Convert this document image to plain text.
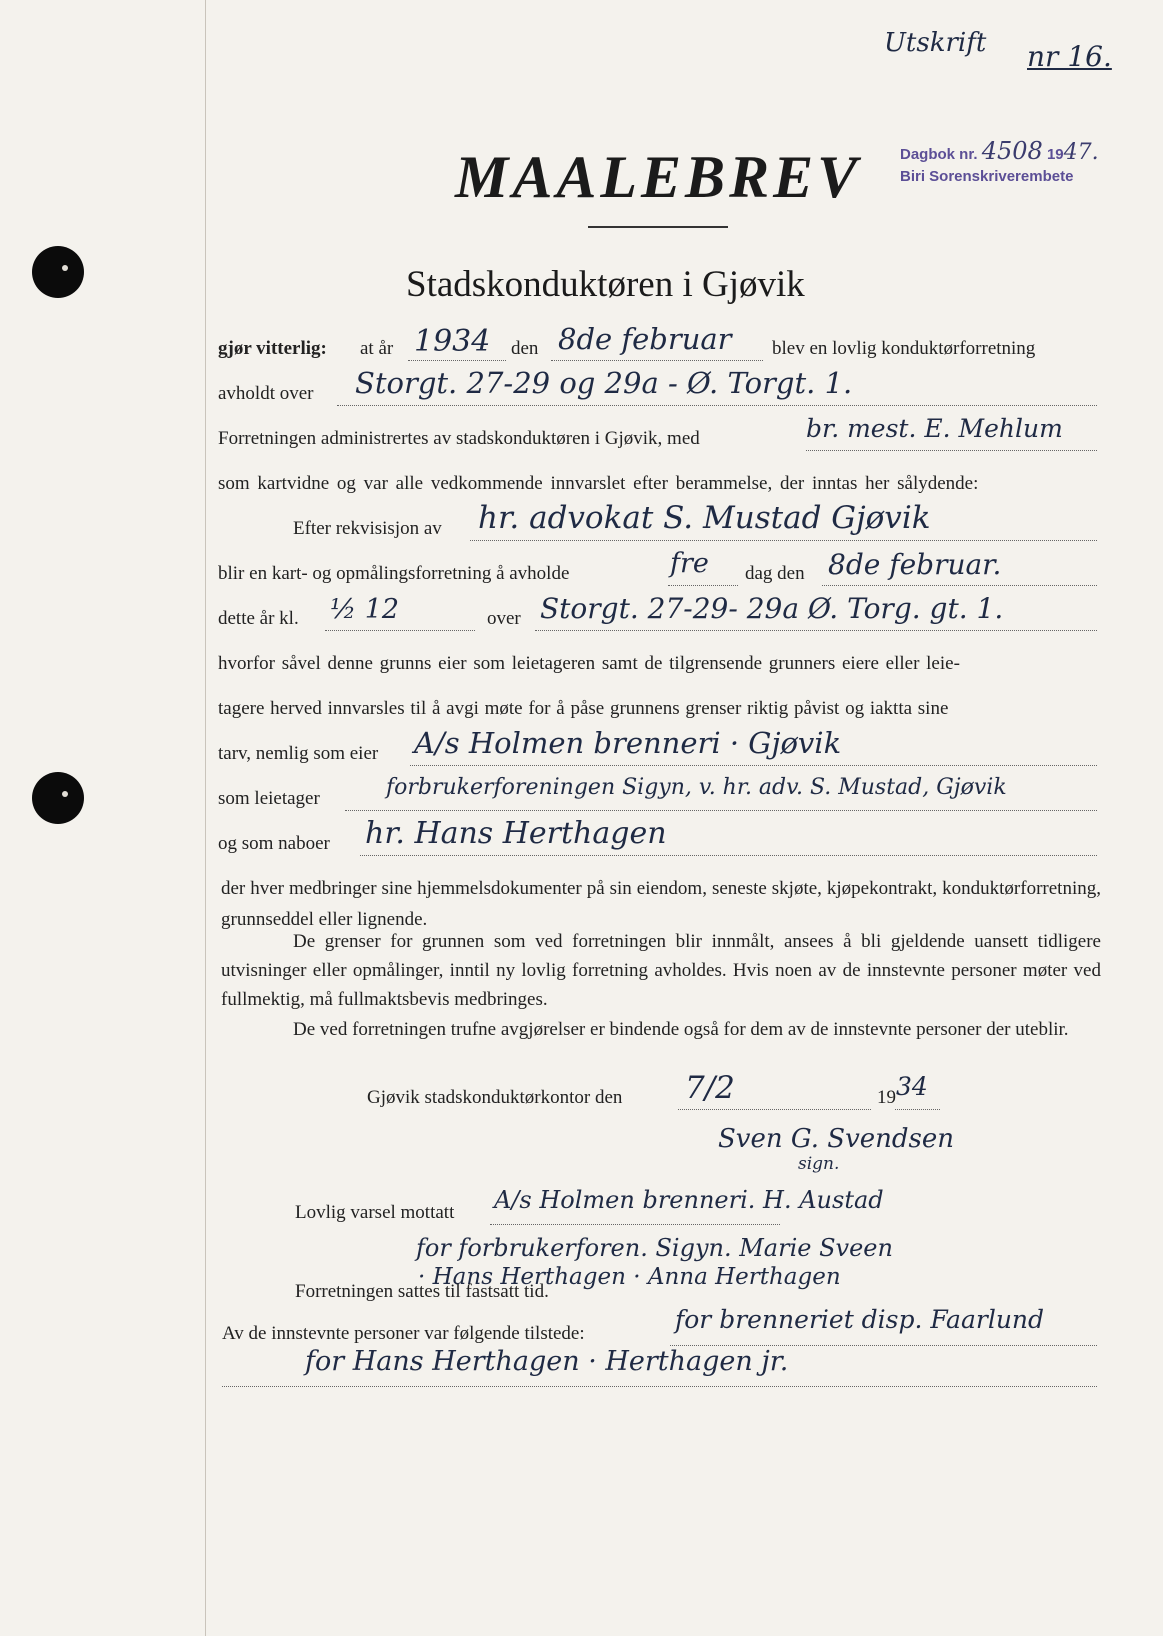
Utskrift nr 16.
Dagbok nr. 4508 1947.
Biri Sorenskriverembete
MAALEBREV
Stadskonduktøren i Gjøvik
gjør vitterlig: at år 1934 den 8de februar blev en lovlig konduktørforretning
avholdt over Storgt. 27-29 og 29a - Ø. Torgt. 1.
Forretningen administrertes av stadskonduktøren i Gjøvik, med	br. mest. E. Mehlum
som kartvidne og var alle vedkommende innvarslet efter berammelse, der inntas her sålydende:
Efter rekvisisjon av hr. advokat S. Mustad Gjøvik
blir en kart- og opmålingsforretning å avholde	fre dag den 8de februar.
dette år kl. ½ 12	over Storgt. 27-29- 29a Ø. Torg. gt. 1.
hvorfor såvel denne grunns eier som leietageren samt de tilgrensende grunners eiere eller leie-
tagere herved innvarsles til å avgi møte for å påse grunnens grenser riktig påvist og iaktta sine
tarv, nemlig som eier A/s Holmen brenneri · Gjøvik
som leietager	forbrukerforeningen Sigyn, v. hr. adv. S. Mustad, Gjøvik
og som naboer hr. Hans Herthagen
der hver medbringer sine hjemmelsdokumenter på sin eiendom, seneste skjøte, kjøpekontrakt, konduktørforretning, grunnseddel eller lignende.
De grenser for grunnen som ved forretningen blir innmålt, ansees å bli gjeldende uansett tidligere utvisninger eller opmålinger, inntil ny lovlig forretning avholdes. Hvis noen av de innstevnte personer møter ved fullmektig, må fullmaktsbevis medbringes.
De ved forretningen trufne avgjørelser er bindende også for dem av de innstevnte personer der uteblir.
Gjøvik stadskonduktørkontor den 7/2	19 34
Sven G. Svendsen
sign.
Lovlig varsel mottatt A/s Holmen brenneri. H. Austad
for forbrukerforen. Sigyn. Marie Sveen
· Hans Herthagen · Anna Herthagen
Forretningen sattes til fastsatt tid.
Av de innstevnte personer var følgende tilstede:	for brenneriet disp. Faarlund
for Hans Herthagen · Herthagen jr.
